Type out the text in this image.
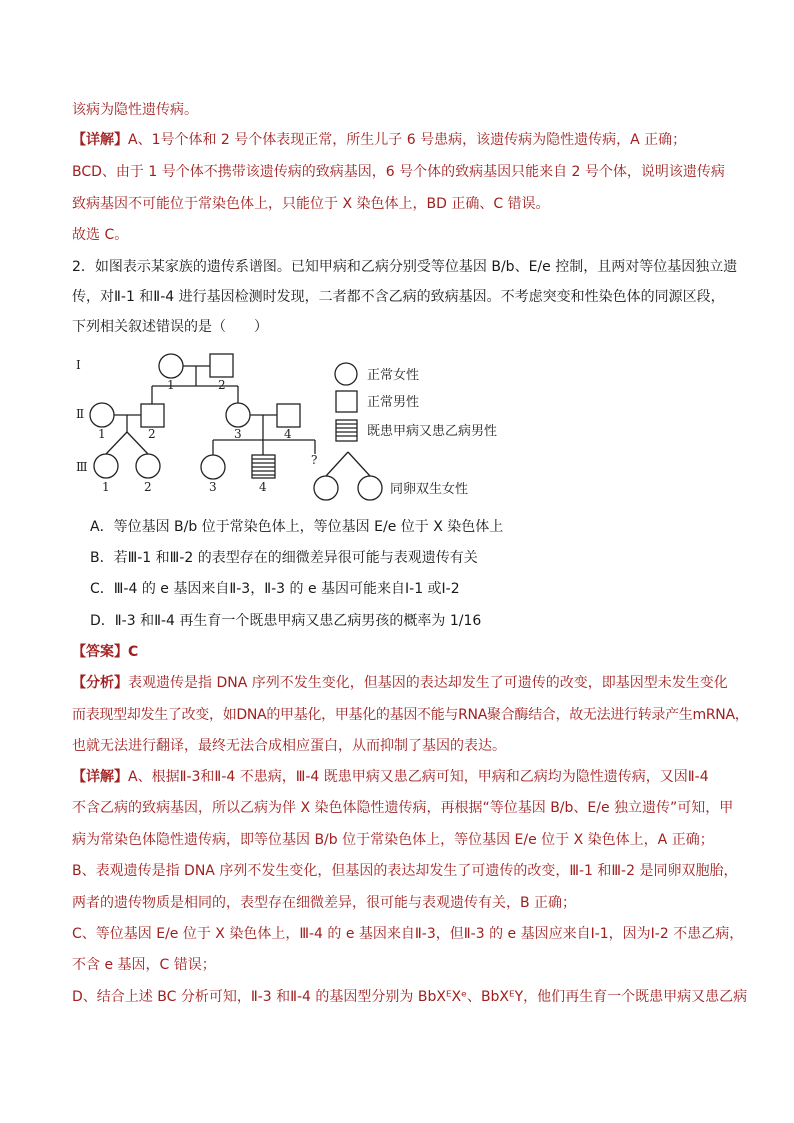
该病为隐性遗传病。
【详解】A、1号个体和 2 号个体表现正常，所生儿子 6 号患病，该遗传病为隐性遗传病，A 正确；
BCD、由于 1 号个体不携带该遗传病的致病基因，6 号个体的致病基因只能来自 2 号个体，说明该遗传病
致病基因不可能位于常染色体上，只能位于 X 染色体上，BD 正确、C 错误。
故选 C。
2．如图表示某家族的遗传系谱图。已知甲病和乙病分别受等位基因 B/b、E/e 控制，且两对等位基因独立遗
传，对Ⅱ-1 和Ⅱ-4 进行基因检测时发现，二者都不含乙病的致病基因。不考虑突变和性染色体的同源区段，
下列相关叙述错误的是（　　）
Ⅰ
Ⅱ
Ⅲ
1	2
1	2	3	4
?
1	2	3	4
正常女性
正常男性
既患甲病又患乙病男性
同卵双生女性
A．等位基因 B/b 位于常染色体上，等位基因 E/e 位于 X 染色体上
B．若Ⅲ-1 和Ⅲ-2 的表型存在的细微差异很可能与表观遗传有关
C．Ⅲ-4 的 e 基因来自Ⅱ-3，Ⅱ-3 的 e 基因可能来自Ⅰ-1 或Ⅰ-2
D．Ⅱ-3 和Ⅱ-4 再生育一个既患甲病又患乙病男孩的概率为 1/16
【答案】C
【分析】表观遗传是指 DNA 序列不发生变化，但基因的表达却发生了可遗传的改变，即基因型未发生变化
而表现型却发生了改变，如DNA的甲基化，甲基化的基因不能与RNA聚合酶结合，故无法进行转录产生mRNA，
也就无法进行翻译，最终无法合成相应蛋白，从而抑制了基因的表达。
【详解】A、根据Ⅱ-3和Ⅱ-4 不患病，Ⅲ-4 既患甲病又患乙病可知，甲病和乙病均为隐性遗传病，又因Ⅱ-4
不含乙病的致病基因，所以乙病为伴 X 染色体隐性遗传病，再根据“等位基因 B/b、E/e 独立遗传”可知，甲
病为常染色体隐性遗传病，即等位基因 B/b 位于常染色体上，等位基因 E/e 位于 X 染色体上，A 正确；
B、表观遗传是指 DNA 序列不发生变化，但基因的表达却发生了可遗传的改变，Ⅲ-1 和Ⅲ-2 是同卵双胞胎，
两者的遗传物质是相同的，表型存在细微差异，很可能与表观遗传有关，B 正确；
C、等位基因 E/e 位于 X 染色体上，Ⅲ-4 的 e 基因来自Ⅱ-3，但Ⅱ-3 的 e 基因应来自Ⅰ-1，因为Ⅰ-2 不患乙病，
不含 e 基因，C 错误；
D、结合上述 BC 分析可知，Ⅱ-3 和Ⅱ-4 的基因型分别为 BbXᴱXᵉ、BbXᴱY，他们再生育一个既患甲病又患乙病
